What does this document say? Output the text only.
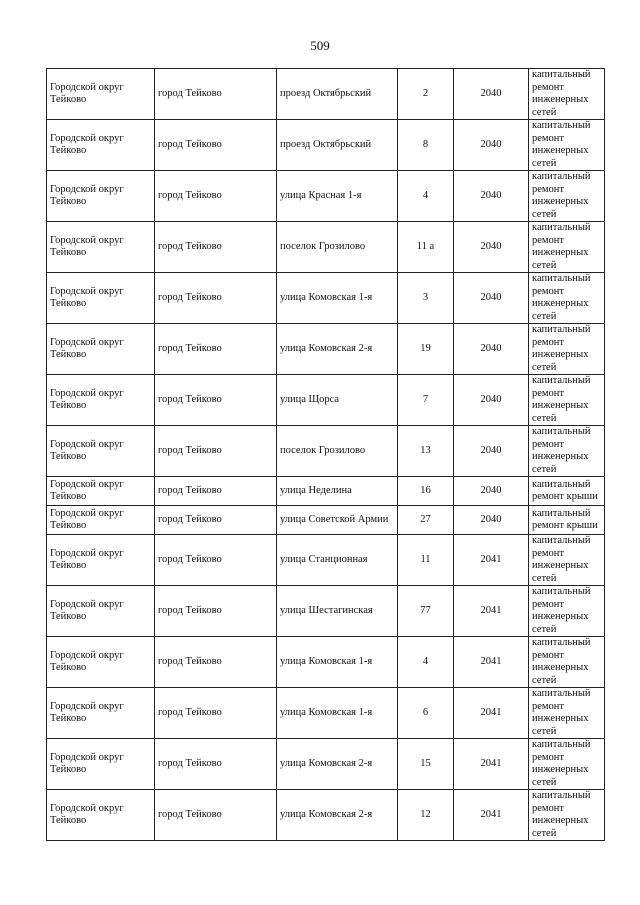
509
Городской округ Тейково	город Тейково	проезд Октябрьский	2	2040	капитальный ремонт инженерных сетей
Городской округ Тейково	город Тейково	проезд Октябрьский	8	2040	капитальный ремонт инженерных сетей
Городской округ Тейково	город Тейково	улица Красная 1-я	4	2040	капитальный ремонт инженерных сетей
Городской округ Тейково	город Тейково	поселок Грозилово	11 а	2040	капитальный ремонт инженерных сетей
Городской округ Тейково	город Тейково	улица Комовская 1-я	3	2040	капитальный ремонт инженерных сетей
Городской округ Тейково	город Тейково	улица Комовская 2-я	19	2040	капитальный ремонт инженерных сетей
Городской округ Тейково	город Тейково	улица Щорса	7	2040	капитальный ремонт инженерных сетей
Городской округ Тейково	город Тейково	поселок Грозилово	13	2040	капитальный ремонт инженерных сетей
Городской округ Тейково	город Тейково	улица Неделина	16	2040	капитальный ремонт крыши
Городской округ Тейково	город Тейково	улица Советской Армии	27	2040	капитальный ремонт крыши
Городской округ Тейково	город Тейково	улица Станционная	11	2041	капитальный ремонт инженерных сетей
Городской округ Тейково	город Тейково	улица Шестагинская	77	2041	капитальный ремонт инженерных сетей
Городской округ Тейково	город Тейково	улица Комовская 1-я	4	2041	капитальный ремонт инженерных сетей
Городской округ Тейково	город Тейково	улица Комовская 1-я	6	2041	капитальный ремонт инженерных сетей
Городской округ Тейково	город Тейково	улица Комовская 2-я	15	2041	капитальный ремонт инженерных сетей
Городской округ Тейково	город Тейково	улица Комовская 2-я	12	2041	капитальный ремонт инженерных сетей
